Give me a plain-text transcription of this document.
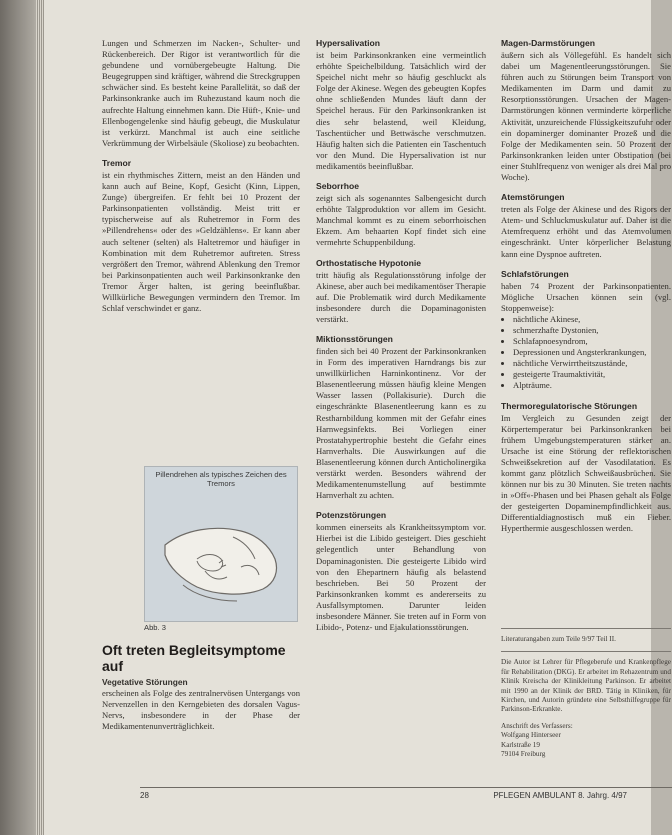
Lungen und Schmerzen im Nacken-, Schulter- und Rückenbereich. Der Rigor ist verantwortlich für die gebundene und vornübergebeugte Haltung. Die Beugegruppen sind kräftiger, während die Streckgruppen schwächer sind. Es besteht keine Parallelität, so daß der Parkinsonkranke auch im Ruhezustand kaum noch die aufrechte Haltung einnehmen kann. Die Hüft-, Knie- und Ellenbogengelenke sind häufig gebeugt, die Muskulatur ist verkürzt. Manchmal ist auch eine seitliche Verkrümmung der Wirbelsäule (Skoliose) zu beobachten.

Tremor

ist ein rhythmisches Zittern, meist an den Händen und kann auch auf Beine, Kopf, Gesicht (Kinn, Lippen, Zunge) übergreifen. Er fehlt bei 10 Prozent der Parkinsonpatienten vollständig. Meist tritt er typischerweise auf als Ruhetremor in Form des »Pillendrehens« oder des »Geldzählens«. Er kann aber auch seltener (selten) als Haltetremor und häufiger in Kombination mit dem Ruhetremor auftreten. Stress vergrößert den Tremor, während Ablenkung den Tremor bei Parkinsonpatienten auch weil Parkinsonkranke den Tremor Ärger halten, ist gering beeinflußbar. Willkürliche Bewegungen vermindern den Tremor. Im Schlaf verschwindet er ganz.

Pillendrehen als typisches Zeichen des Tremors
Abb. 3
Oft treten Begleitsymptome auf
Vegetative Störungen

erscheinen als Folge des zentralnervösen Untergangs von Nervenzellen in den Kerngebieten des dorsalen Vagus-Nervs, insbesondere in der Phase der Medikamentenunverträglichkeit.

Hypersalivation

ist beim Parkinsonkranken eine vermeintlich erhöhte Speichelbildung. Tatsächlich wird der Speichel nicht mehr so häufig geschluckt als Folge der Akinese. Wegen des gebeugten Kopfes ohne schließenden Mundes läuft dann der Speichel heraus. Für den Parkinsonkranken ist dies sehr belastend, weil Kleidung, Taschentücher und Bettwäsche verschmutzen. Häufig halten sich die Patienten ein Taschentuch vor den Mund. Die Hypersalivation ist nur medikamentös beeinflußbar.

Seborrhoe

zeigt sich als sogenanntes Salbengesicht durch erhöhte Talgproduktion vor allem im Gesicht. Manchmal kommt es zu einem seborrhoischen Ekzem. Am behaarten Kopf findet sich eine vermehrte Schuppenbildung.

Orthostatische Hypotonie

tritt häufig als Regulationsstörung infolge der Akinese, aber auch bei medikamentöser Therapie auf. Die Problematik wird durch Medikamente insbesondere durch die Dopaminagonisten verstärkt.

Miktionsstörungen

finden sich bei 40 Prozent der Parkinsonkranken in Form des imperativen Harndrangs bis zur unwillkürlichen Harninkontinenz. Vor der Blasenentleerung müssen häufig kleine Mengen Wasser lassen (Pollakisurie). Durch die eingeschränkte Blasenentleerung kann es zu Restharnbildung kommen mit der Gefahr eines Harnwegsinfekts. Bei Vorliegen einer Prostatahypertrophie besteht die Gefahr eines Harnverhalts. Die Auswirkungen auf die Blasenentleerung können durch Anticholinergika verstärkt werden. Besonders während der Medikamentenumstellung auf bestimmte Harnverhalt zu achten.

Potenzstörungen

kommen einerseits als Krankheitssymptom vor. Hierbei ist die Libido gesteigert. Dies geschieht gelegentlich unter Behandlung von Dopaminagonisten. Die gesteigerte Libido wird von den Ehepartnern häufig als belastend beschrieben. Bei 50 Prozent der Parkinsonkranken kommt es andererseits zu Ausfallsymptomen. Darunter leiden insbesondere Männer. Sie treten auf in Form von Libido-, Potenz- und Ejakulationsstörungen.

Magen-Darmstörungen

äußern sich als Völlegefühl. Es handelt sich dabei um Magenentleerungsstörungen. Sie führen auch zu Störungen beim Transport von Medikamenten im Darm und damit zu Resorptionsstörungen. Ursachen der Magen-Darmstörungen können verminderte körperliche Aktivität, unzureichende Flüssigkeitszufuhr oder ein dopaminerger dominanter Prozeß und die Folge der Medikamenten sein. 50 Prozent der Parkinsonkranken leiden unter Obstipation (bei einer Stuhlfrequenz von weniger als drei Mal pro Woche).

Atemstörungen

treten als Folge der Akinese und des Rigors der Atem- und Schluckmuskulatur auf. Daher ist die Atemfrequenz erhöht und das Atemvolumen eingeschränkt. Unter körperlicher Belastung kann eine Dyspnoe auftreten.

Schlafstörungen

haben 74 Prozent der Parkinsonpatienten. Mögliche Ursachen können sein (vgl. Stoppenweise):

• nächtliche Akinese,
• schmerzhafte Dystonien,
• Schlafapnoesyndrom,
• Depressionen und Angsterkrankungen,
• nächtliche Verwirrtheitszustände,
• gesteigerte Traumaktivität,
• Alpträume.
Thermoregulatorische Störungen

Im Vergleich zu Gesunden zeigt der Körpertemperatur bei Parkinsonkranken bei frühem Umgebungstemperaturen stärker an. Ursache ist eine Störung der reflektorischen Schweißsekretion auf der Vasodilatation. Es kommt ganz plötzlich Schweißausbrüchen. Sie können nur bis zu 30 Minuten. Sie treten nachts in »Off«-Phasen und bei Phasen gehalt als Folge der gesteigerten Dopaminempfindlichkeit aus. Differentialdiagnostisch muß ein Fieber. Hyperthermie ausgeschlossen werden.

Literaturangaben zum Teile 9/97 Teil II.

Die Autor ist Lehrer für Pflegeberufe und Krankenpflege für Rehabilitation (DKG). Er arbeitet im Rehazentrum und Klinik Kreischa der Klinikleitung Parkinson. Er arbeitet mit 1990 an der Klinik der BRD. Tätig in Kliniken, für Kirchen, und Autorin gründete eine Selbsthilfegruppe für Parkinson-Erkrankte.

Anschrift des Verfassers:
Wolfgang Hinterseer
Karlstraße 19
79104 Freiburg
28	PFLEGEN AMBULANT 8. Jahrg. 4/97
